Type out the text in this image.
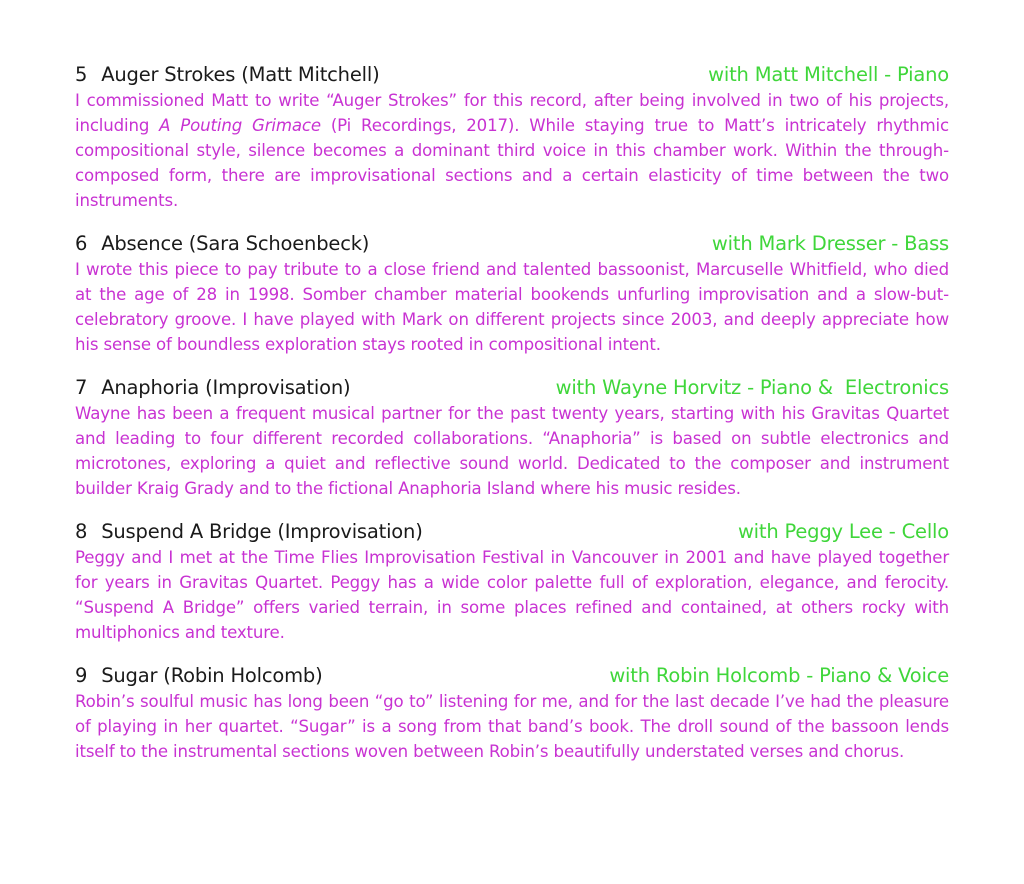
5 Auger Strokes (Matt Mitchell)	with Matt Mitchell - Piano

I commissioned Matt to write “Auger Strokes” for this record, after being involved in two of his projects, including A Pouting Grimace (Pi Recordings, 2017). While staying true to Matt’s intricately rhythmic compositional style, silence becomes a dominant third voice in this chamber work. Within the through-composed form, there are improvisational sections and a certain elasticity of time between the two instruments.

6 Absence (Sara Schoenbeck)	with Mark Dresser - Bass

I wrote this piece to pay tribute to a close friend and talented bassoonist, Marcuselle Whitfield, who died at the age of 28 in 1998. Somber chamber material bookends unfurling improvisation and a slow-but-celebratory groove. I have played with Mark on different projects since 2003, and deeply appreciate how his sense of boundless exploration stays rooted in compositional intent.

7 Anaphoria (Improvisation)	with Wayne Horvitz - Piano &  Electronics

Wayne has been a frequent musical partner for the past twenty years, starting with his Gravitas Quartet and leading to four different recorded collaborations. “Anaphoria” is based on subtle electronics and microtones, exploring a quiet and reflective sound world. Dedicated to the composer and instrument builder Kraig Grady and to the fictional Anaphoria Island where his music resides.

8 Suspend A Bridge (Improvisation)	with Peggy Lee - Cello

Peggy and I met at the Time Flies Improvisation Festival in Vancouver in 2001 and have played together for years in Gravitas Quartet. Peggy has a wide color palette full of exploration, elegance, and ferocity. “Suspend A Bridge” offers varied terrain, in some places refined and contained, at others rocky with multiphonics and texture.

9 Sugar (Robin Holcomb)	with Robin Holcomb - Piano & Voice

Robin’s soulful music has long been “go to” listening for me, and for the last decade I’ve had the pleasure of playing in her quartet. “Sugar” is a song from that band’s book. The droll sound of the bassoon lends itself to the instrumental sections woven between Robin’s beautifully understated verses and chorus.
